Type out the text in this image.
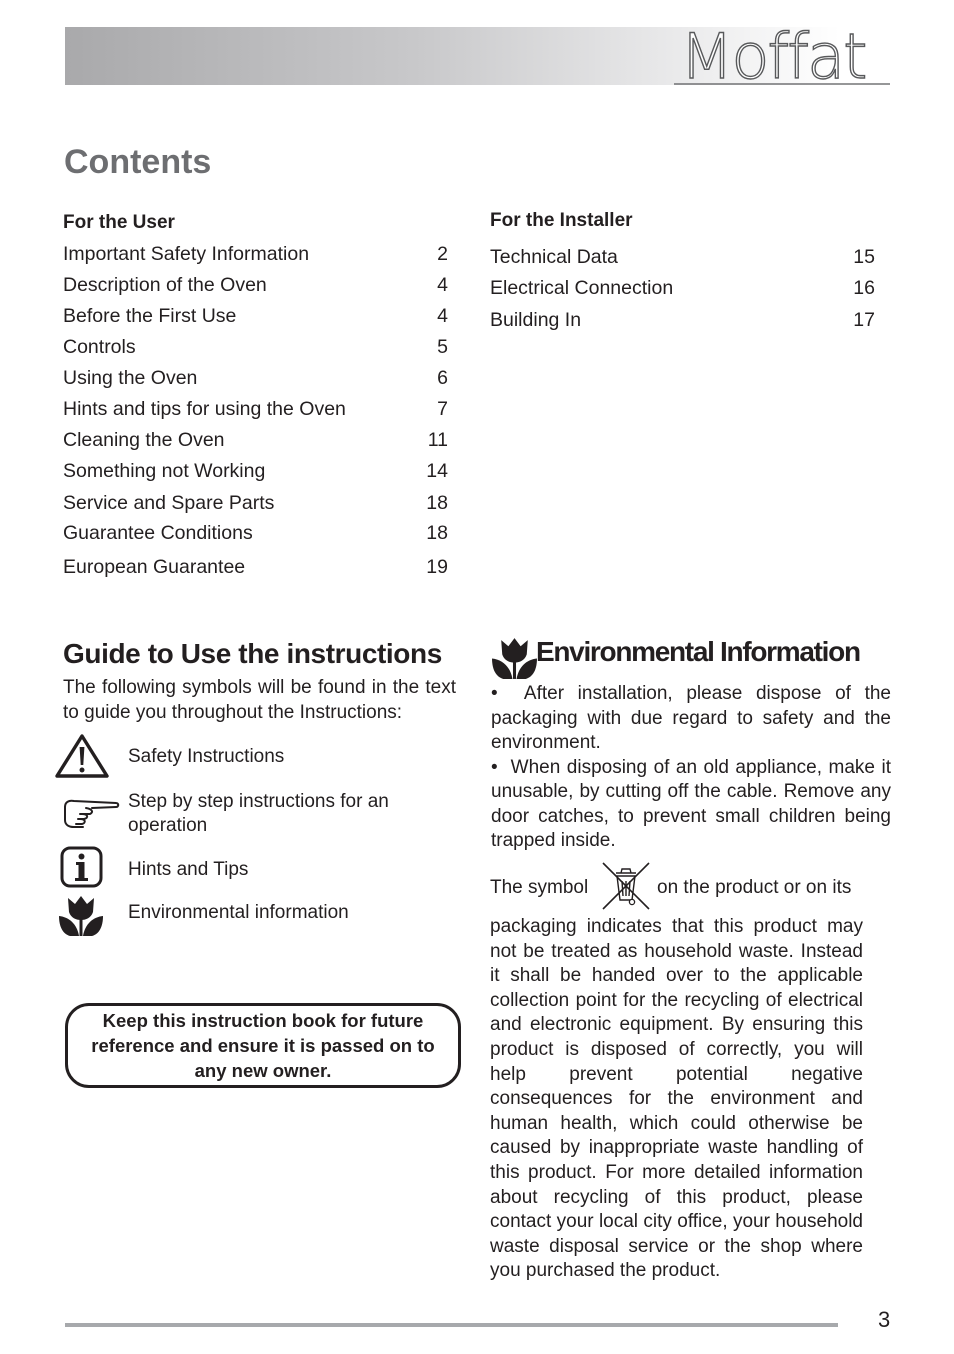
Moffat
Contents
For the User
Important Safety Information	2
Description of the Oven	4
Before the First Use	4
Controls	5
Using the Oven	6
Hints and tips for using the Oven	7
Cleaning the Oven	11
Something not Working	14
Service and Spare Parts	18
Guarantee Conditions	18
European Guarantee	19
For the Installer
Technical Data	15
Electrical Connection	16
Building In	17
Guide to Use the instructions
The following symbols will be found in the text to guide you throughout the Instructions:
Safety Instructions
Step by step instructions for an operation
Hints and Tips
Environmental information
Keep this instruction book for future reference and ensure it is passed on to any new owner.
Environmental Information

•  After installation, please dispose of the packaging with due regard to safety and the environment.

•  When disposing of an old appliance, make it unusable, by cutting off the cable. Remove any door catches, to prevent small children being trapped inside.

The symbol	on the product or on its
packaging indicates that this product may not be treated as household waste. Instead it shall be handed over to the applicable collection point for the recycling of electrical and electronic equipment. By ensuring this product is disposed of correctly, you will help prevent potential negative consequences for the environment and human health, which could otherwise be caused by inappropriate waste handling of this product. For more detailed information about recycling of this product, please contact your local city office, your household waste disposal service or the shop where you purchased the product.
3
